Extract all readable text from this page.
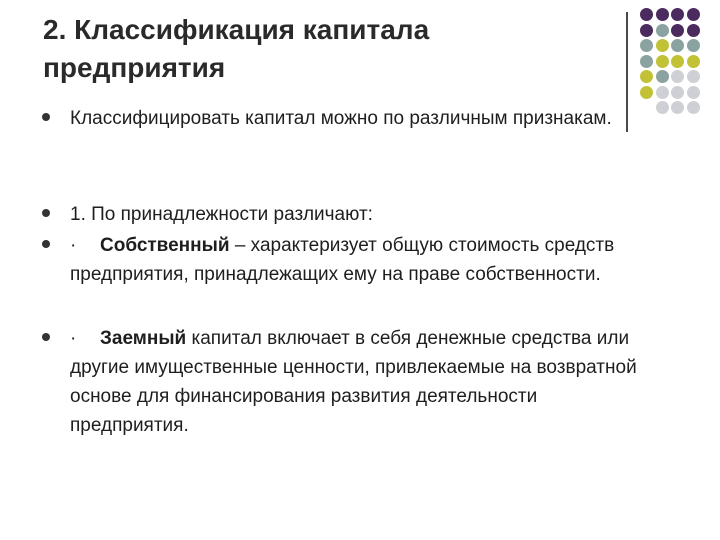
2. Классификация капитала
предприятия
Классифицировать капитал можно по различным признакам.
1. По принадлежности различают:
· Собственный – характеризует общую стоимость средств предприятия, принадлежащих ему на праве собственности.
· Заемный капитал включает в себя денежные средства или другие имущественные ценности, привлекаемые на возвратной основе для финансирования развития деятельности предприятия.
